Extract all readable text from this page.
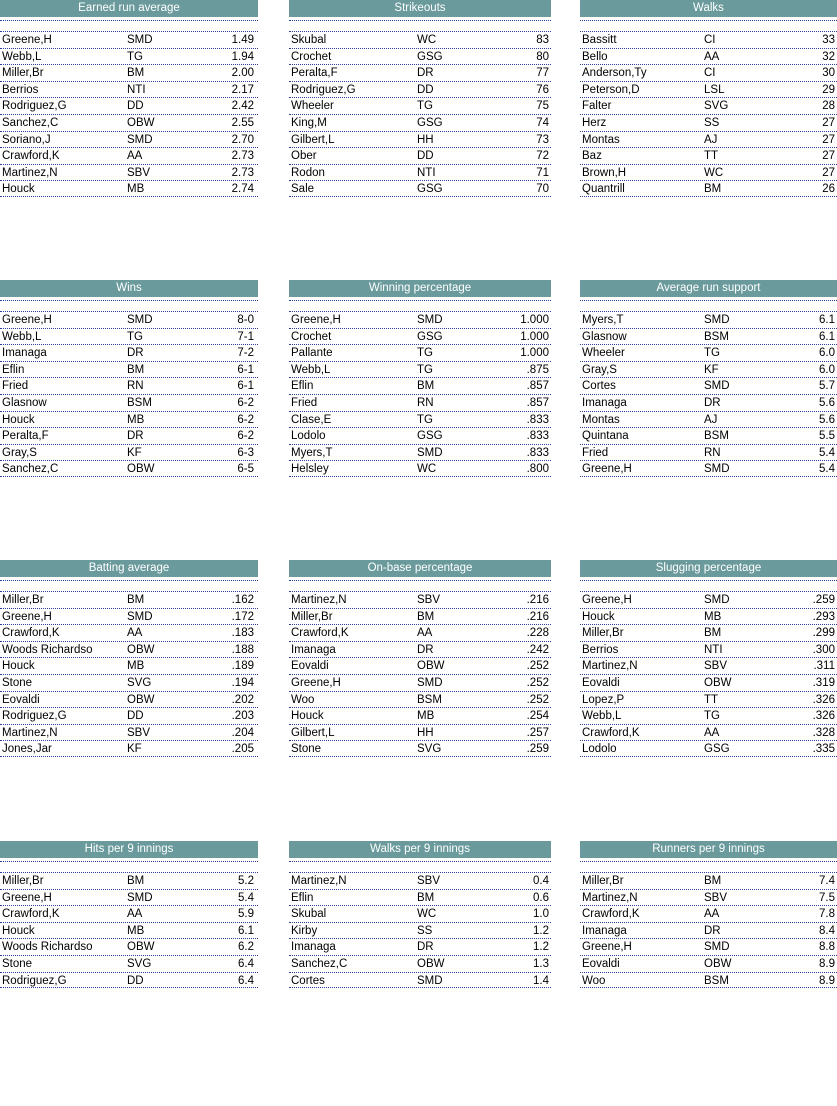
Earned run average
Greene,H	SMD	1.49
Webb,L	TG	1.94
Miller,Br	BM	2.00
Berrios	NTI	2.17
Rodriguez,G	DD	2.42
Sanchez,C	OBW	2.55
Soriano,J	SMD	2.70
Crawford,K	AA	2.73
Martinez,N	SBV	2.73
Houck	MB	2.74
Strikeouts
Skubal	WC	83
Crochet	GSG	80
Peralta,F	DR	77
Rodriguez,G	DD	76
Wheeler	TG	75
King,M	GSG	74
Gilbert,L	HH	73
Ober	DD	72
Rodon	NTI	71
Sale	GSG	70
Walks
Bassitt	CI	33
Bello	AA	32
Anderson,Ty	CI	30
Peterson,D	LSL	29
Falter	SVG	28
Herz	SS	27
Montas	AJ	27
Baz	TT	27
Brown,H	WC	27
Quantrill	BM	26
Wins
Greene,H	SMD	8-0
Webb,L	TG	7-1
Imanaga	DR	7-2
Eflin	BM	6-1
Fried	RN	6-1
Glasnow	BSM	6-2
Houck	MB	6-2
Peralta,F	DR	6-2
Gray,S	KF	6-3
Sanchez,C	OBW	6-5
Winning percentage
Greene,H	SMD	1.000
Crochet	GSG	1.000
Pallante	TG	1.000
Webb,L	TG	.875
Eflin	BM	.857
Fried	RN	.857
Clase,E	TG	.833
Lodolo	GSG	.833
Myers,T	SMD	.833
Helsley	WC	.800
Average run support
Myers,T	SMD	6.1
Glasnow	BSM	6.1
Wheeler	TG	6.0
Gray,S	KF	6.0
Cortes	SMD	5.7
Imanaga	DR	5.6
Montas	AJ	5.6
Quintana	BSM	5.5
Fried	RN	5.4
Greene,H	SMD	5.4
Batting average
Miller,Br	BM	.162
Greene,H	SMD	.172
Crawford,K	AA	.183
Woods Richardso	OBW	.188
Houck	MB	.189
Stone	SVG	.194
Eovaldi	OBW	.202
Rodriguez,G	DD	.203
Martinez,N	SBV	.204
Jones,Jar	KF	.205
On-base percentage
Martinez,N	SBV	.216
Miller,Br	BM	.216
Crawford,K	AA	.228
Imanaga	DR	.242
Eovaldi	OBW	.252
Greene,H	SMD	.252
Woo	BSM	.252
Houck	MB	.254
Gilbert,L	HH	.257
Stone	SVG	.259
Slugging percentage
Greene,H	SMD	.259
Houck	MB	.293
Miller,Br	BM	.299
Berrios	NTI	.300
Martinez,N	SBV	.311
Eovaldi	OBW	.319
Lopez,P	TT	.326
Webb,L	TG	.326
Crawford,K	AA	.328
Lodolo	GSG	.335
Hits per 9 innings
Miller,Br	BM	5.2
Greene,H	SMD	5.4
Crawford,K	AA	5.9
Houck	MB	6.1
Woods Richardso	OBW	6.2
Stone	SVG	6.4
Rodriguez,G	DD	6.4
Walks per 9 innings
Martinez,N	SBV	0.4
Eflin	BM	0.6
Skubal	WC	1.0
Kirby	SS	1.2
Imanaga	DR	1.2
Sanchez,C	OBW	1.3
Cortes	SMD	1.4
Runners per 9 innings
Miller,Br	BM	7.4
Martinez,N	SBV	7.5
Crawford,K	AA	7.8
Imanaga	DR	8.4
Greene,H	SMD	8.8
Eovaldi	OBW	8.9
Woo	BSM	8.9
